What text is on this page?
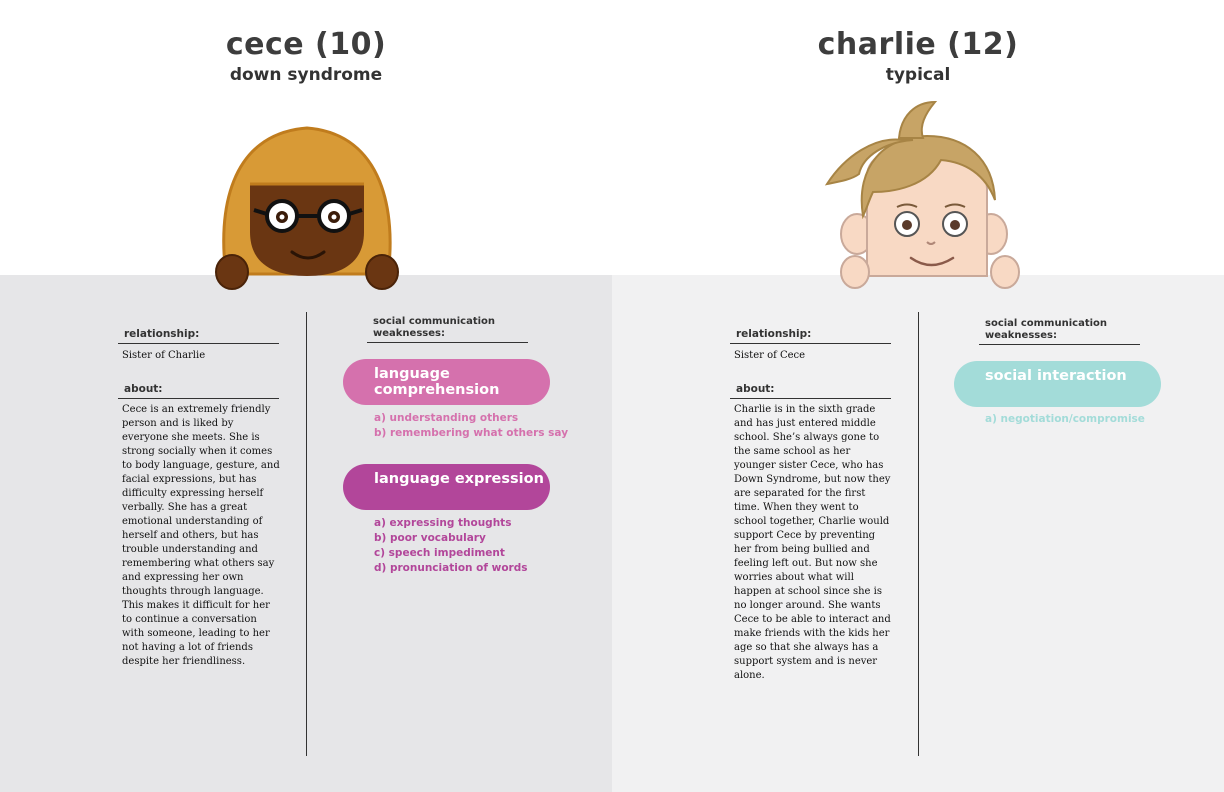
cece (10)
down syndrome
relationship:
Sister of Charlie
about:
Cece is an extremely friendly person and is liked by everyone she meets. She is strong socially when it comes to body language, gesture, and facial expressions, but has difficulty expressing herself verbally. She has a great emotional understanding of herself and others, but has trouble understanding and remembering what others say and expressing her own thoughts through language. This makes it difficult for her to continue a conversation with someone, leading to her not having a lot of friends despite her friendliness.
social communication weaknesses:
language comprehension
a) understanding others
b) remembering what others say
language expression
a) expressing thoughts
b) poor vocabulary
c) speech impediment
d) pronunciation of words
charlie (12)
typical
relationship:
Sister of Cece
about:
Charlie is in the sixth grade and has just entered middle school. She’s always gone to the same school as her younger sister Cece, who has Down Syndrome, but now they are separated for the first time. When they went to school together, Charlie would support Cece by preventing her from being bullied and feeling left out. But now she worries about what will happen at school since she is no longer around. She wants Cece to be able to interact and make friends with the kids her age so that she always has a support system and is never alone.
social communication weaknesses:
social interaction
a) negotiation/compromise
